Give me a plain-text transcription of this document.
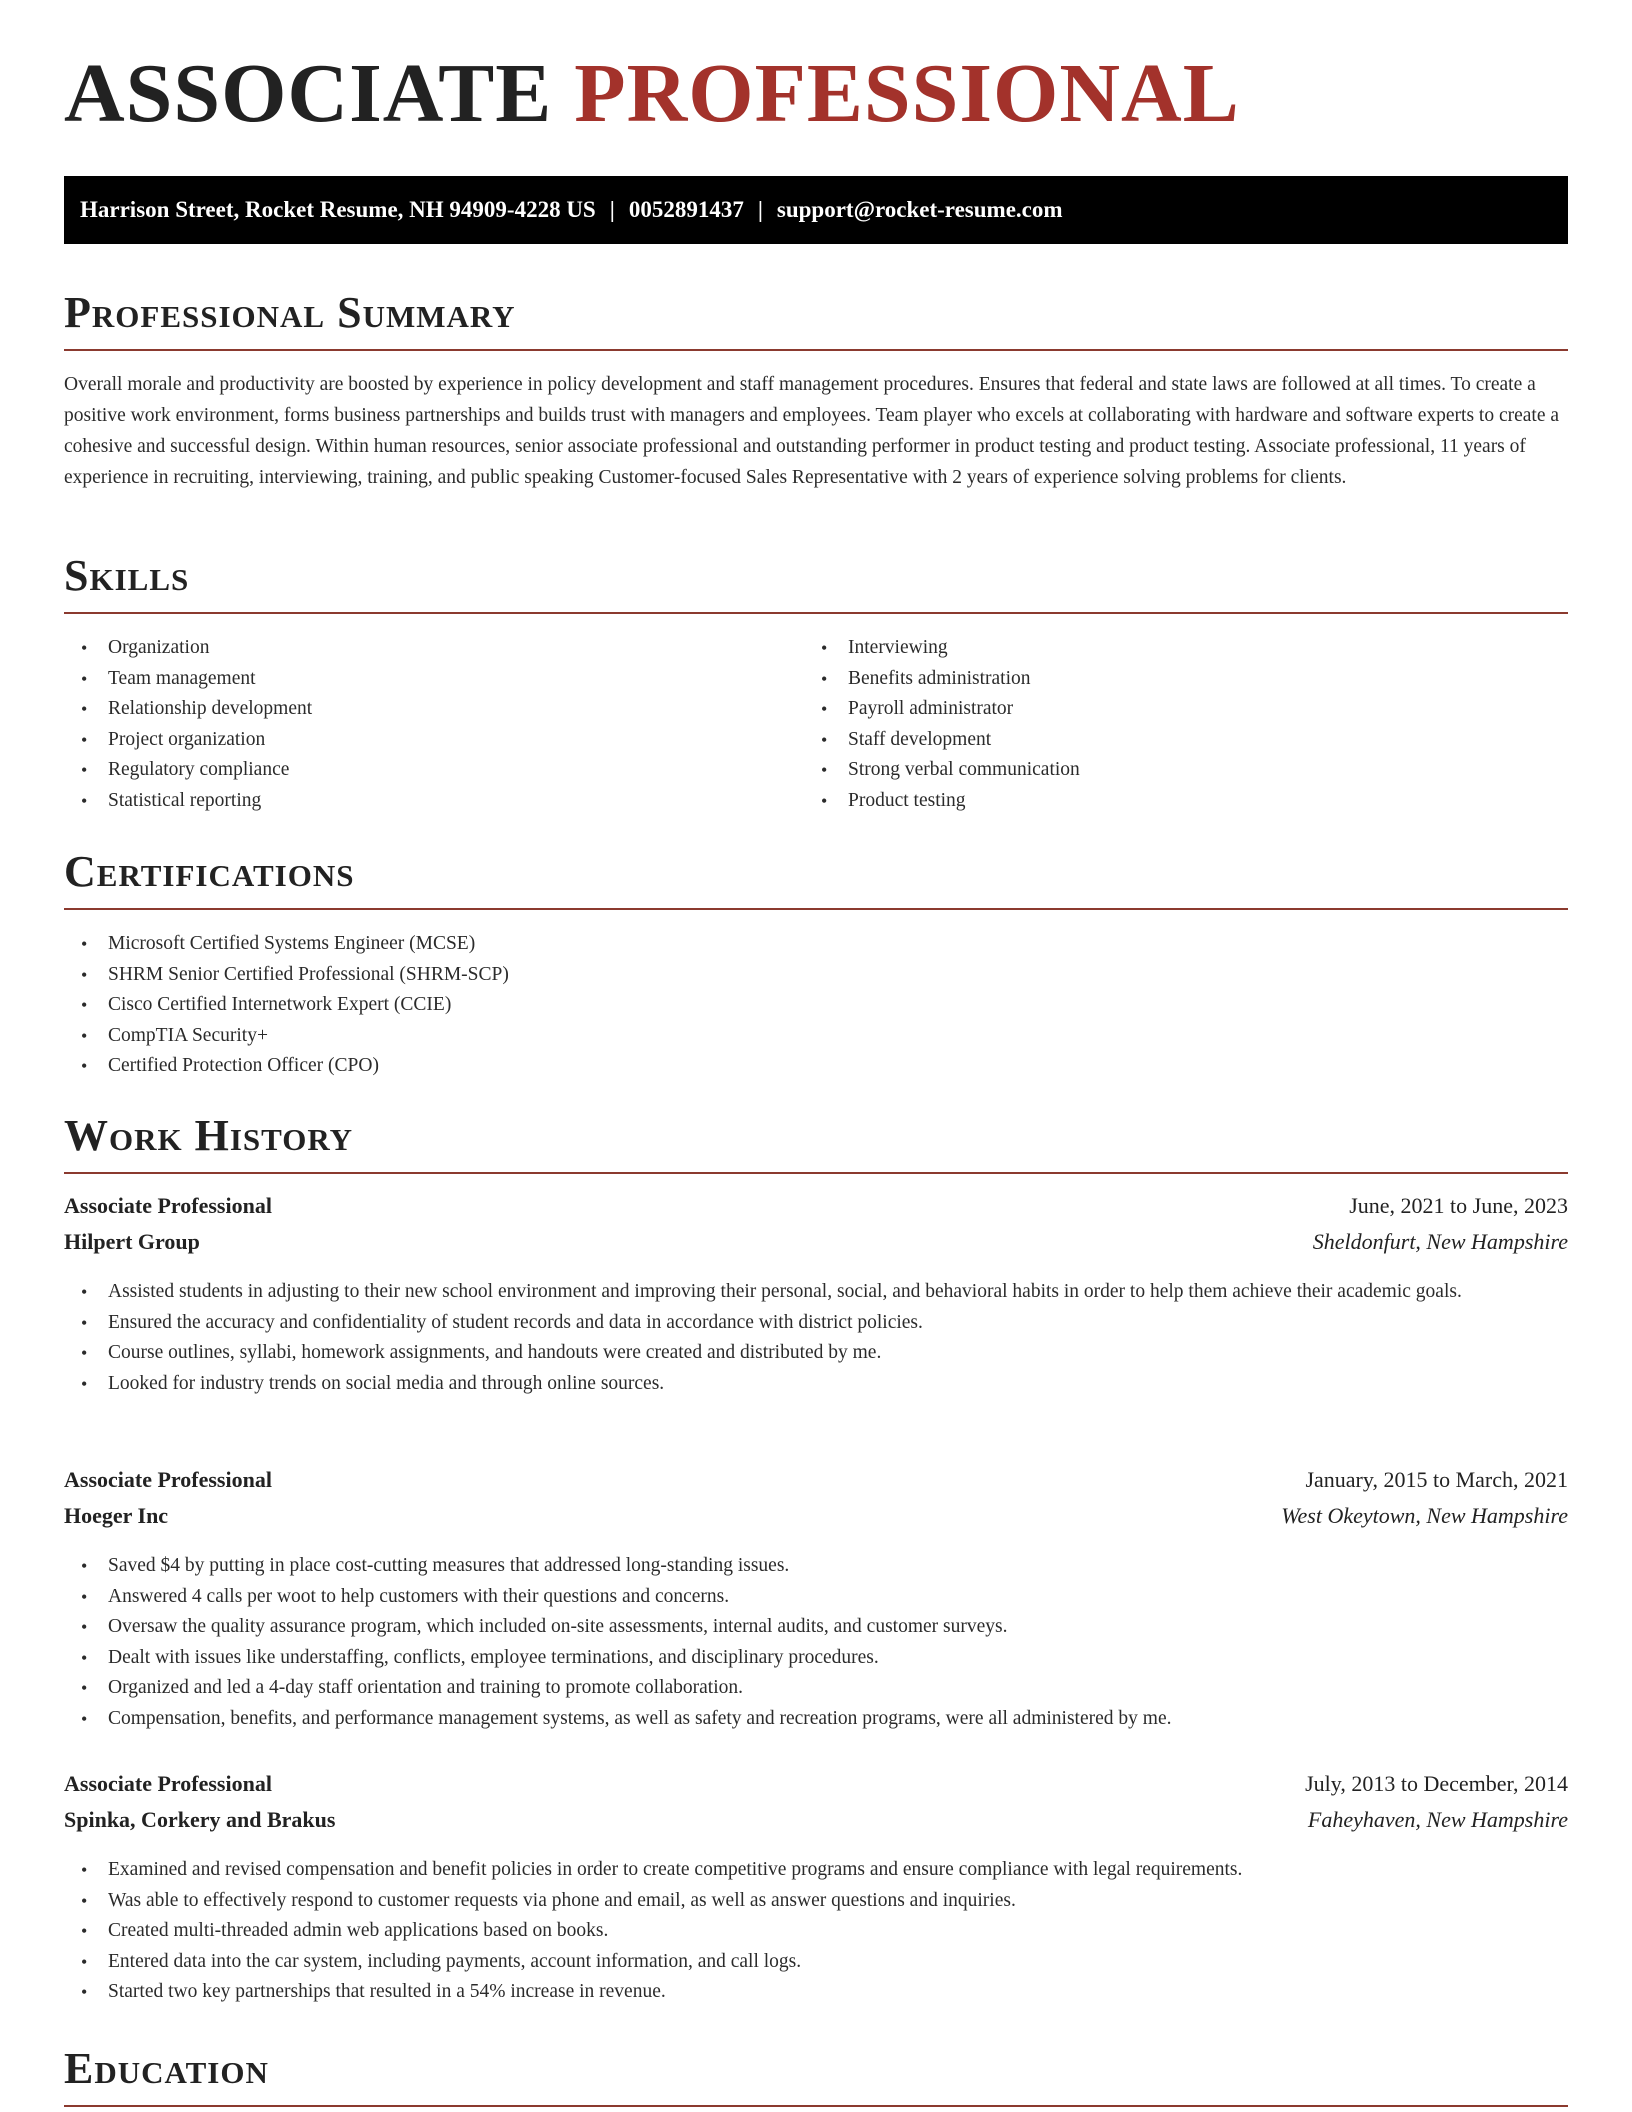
ASSOCIATE PROFESSIONAL
Harrison Street, Rocket Resume, NH 94909-4228 US | 0052891437 | support@rocket-resume.com
Professional Summary

Overall morale and productivity are boosted by experience in policy development and staff management procedures. Ensures that federal and state laws are followed at all times. To create a positive work environment, forms business partnerships and builds trust with managers and employees. Team player who excels at collaborating with hardware and software experts to create a cohesive and successful design. Within human resources, senior associate professional and outstanding performer in product testing and product testing. Associate professional, 11 years of experience in recruiting, interviewing, training, and public speaking Customer-focused Sales Representative with 2 years of experience solving problems for clients.

Skills
• Organization
• Team management
• Relationship development
• Project organization
• Regulatory compliance
• Statistical reporting
• Interviewing
• Benefits administration
• Payroll administrator
• Staff development
• Strong verbal communication
• Product testing
Certifications
• Microsoft Certified Systems Engineer (MCSE)
• SHRM Senior Certified Professional (SHRM-SCP)
• Cisco Certified Internetwork Expert (CCIE)
• CompTIA Security+
• Certified Protection Officer (CPO)
Work History
Associate Professional	June, 2021 to June, 2023
Hilpert Group	Sheldonfurt, New Hampshire
• Assisted students in adjusting to their new school environment and improving their personal, social, and behavioral habits in order to help them achieve their academic goals.
• Ensured the accuracy and confidentiality of student records and data in accordance with district policies.
• Course outlines, syllabi, homework assignments, and handouts were created and distributed by me.
• Looked for industry trends on social media and through online sources.
Associate Professional	January, 2015 to March, 2021
Hoeger Inc	West Okeytown, New Hampshire
• Saved $4 by putting in place cost-cutting measures that addressed long-standing issues.
• Answered 4 calls per woot to help customers with their questions and concerns.
• Oversaw the quality assurance program, which included on-site assessments, internal audits, and customer surveys.
• Dealt with issues like understaffing, conflicts, employee terminations, and disciplinary procedures.
• Organized and led a 4-day staff orientation and training to promote collaboration.
• Compensation, benefits, and performance management systems, as well as safety and recreation programs, were all administered by me.
Associate Professional	July, 2013 to December, 2014
Spinka, Corkery and Brakus	Faheyhaven, New Hampshire
• Examined and revised compensation and benefit policies in order to create competitive programs and ensure compliance with legal requirements.
• Was able to effectively respond to customer requests via phone and email, as well as answer questions and inquiries.
• Created multi-threaded admin web applications based on books.
• Entered data into the car system, including payments, account information, and call logs.
• Started two key partnerships that resulted in a 54% increase in revenue.
Education
